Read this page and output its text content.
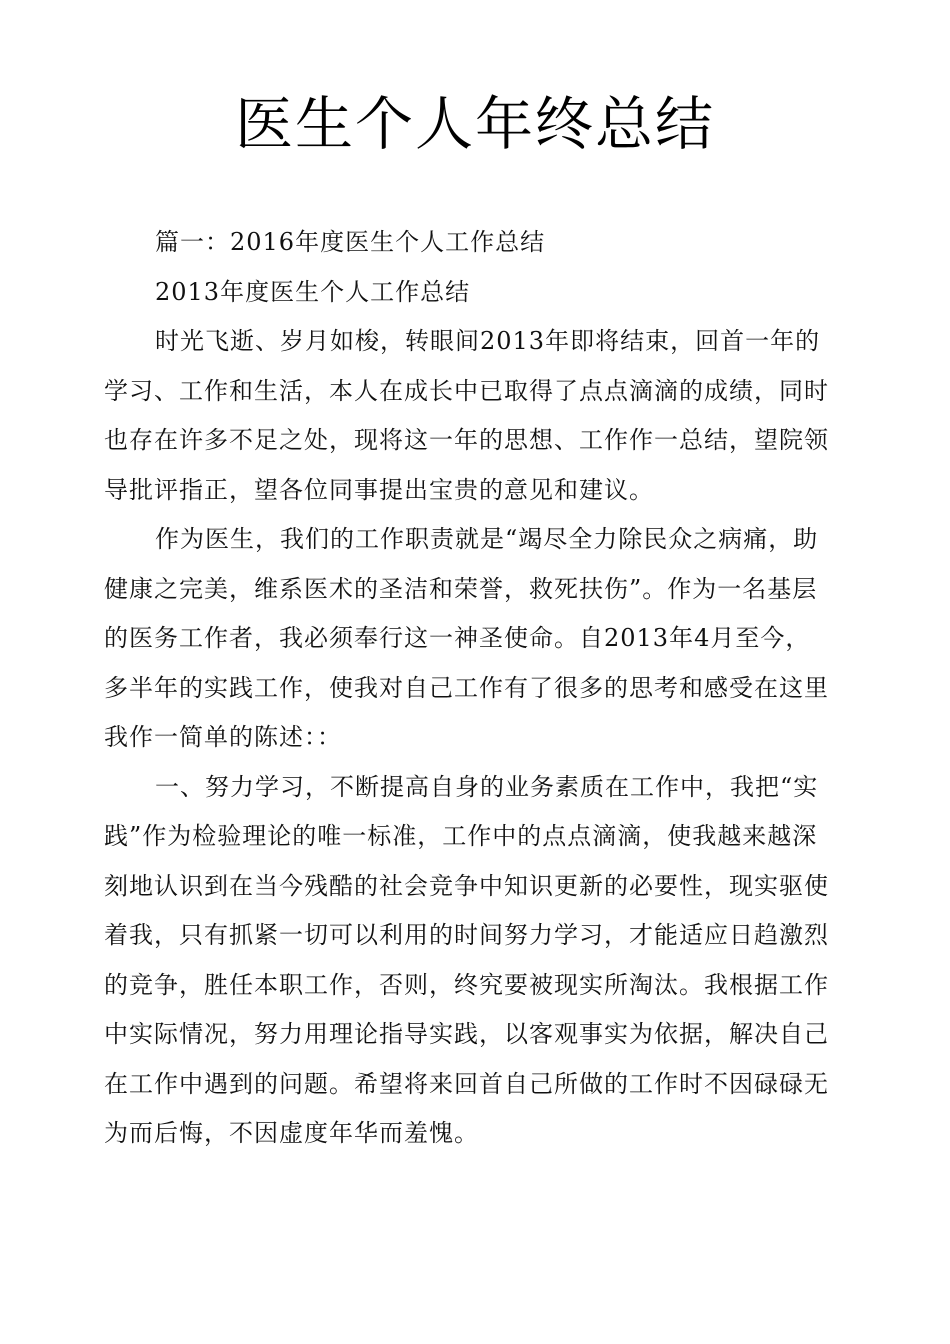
医生个人年终总结

篇一：2016年度医生个人工作总结

2013年度医生个人工作总结

时光飞逝、岁月如梭，转眼间2013年即将结束，回首一年的
学习、工作和生活，本人在成长中已取得了点点滴滴的成绩，同时
也存在许多不足之处，现将这一年的思想、工作作一总结，望院领
导批评指正，望各位同事提出宝贵的意见和建议。

作为医生，我们的工作职责就是“竭尽全力除民众之病痛，助
健康之完美，维系医术的圣洁和荣誉，救死扶伤”。作为一名基层
的医务工作者，我必须奉行这一神圣使命。自2013年4月至今，
多半年的实践工作，使我对自己工作有了很多的思考和感受在这里
我作一简单的陈述：：

一、努力学习，不断提高自身的业务素质在工作中，我把“实
践”作为检验理论的唯一标准，工作中的点点滴滴，使我越来越深
刻地认识到在当今残酷的社会竞争中知识更新的必要性，现实驱使
着我，只有抓紧一切可以利用的时间努力学习，才能适应日趋激烈
的竞争，胜任本职工作，否则，终究要被现实所淘汰。我根据工作
中实际情况，努力用理论指导实践，以客观事实为依据，解决自己
在工作中遇到的问题。希望将来回首自己所做的工作时不因碌碌无
为而后悔，不因虚度年华而羞愧。
